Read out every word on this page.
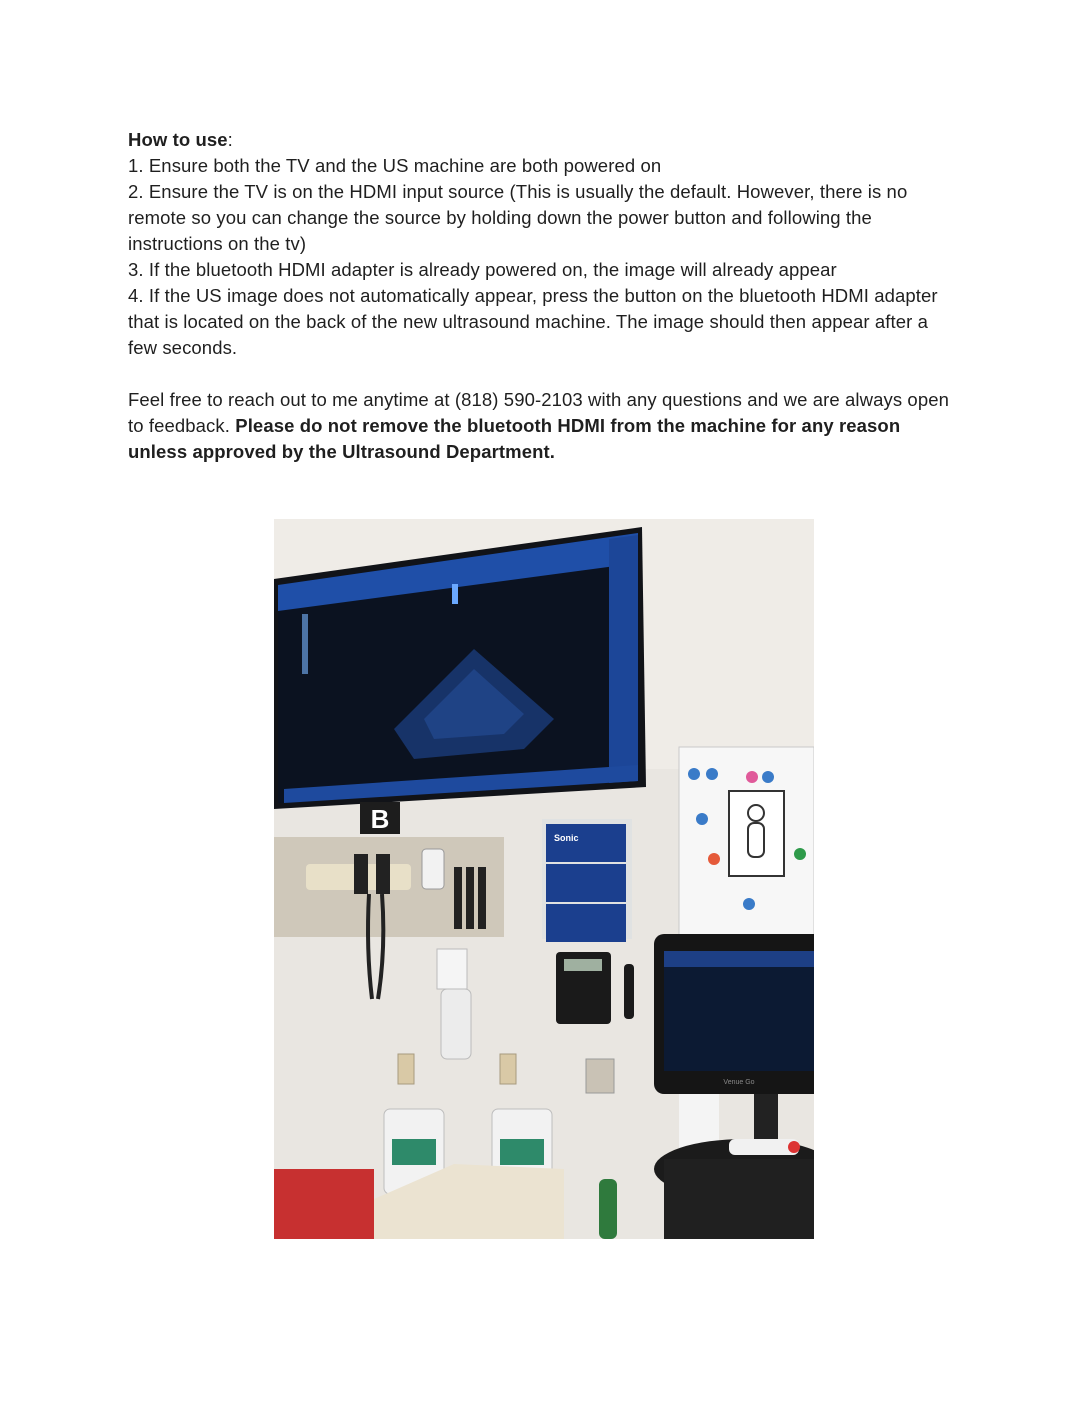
How to use:

1. Ensure both the TV and the US machine are both powered on

2. Ensure the TV is on the HDMI input source (This is usually the default. However, there is no remote so you can change the source by holding down the power button and following the instructions on the tv)

3. If the bluetooth HDMI adapter is already powered on, the image will already appear

4. If the US image does not automatically appear, press the button on the bluetooth HDMI adapter that is located on the back of the new ultrasound machine. The image should then appear after a few seconds.

Feel free to reach out to me anytime at (818) 590-2103 with any questions and we are always open to feedback. Please do not remove the bluetooth HDMI from the machine for any reason unless approved by the Ultrasound Department.

B
Sonic
Venue Go
